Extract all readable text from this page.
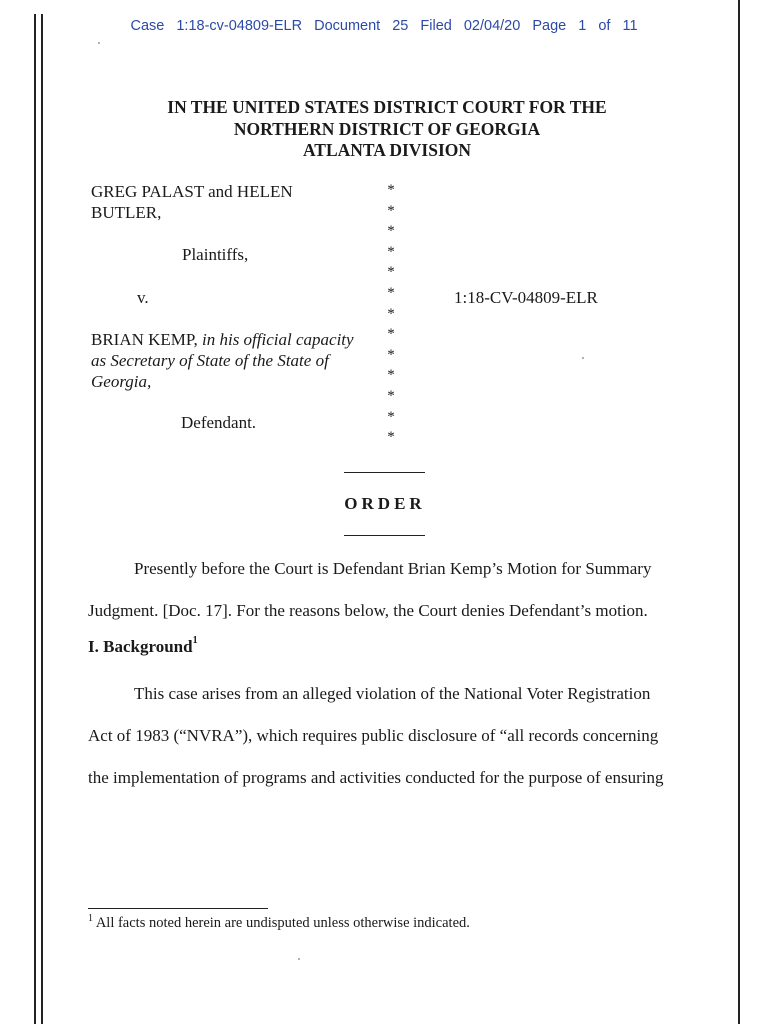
Case 1:18-cv-04809-ELR Document 25 Filed 02/04/20 Page 1 of 11
IN THE UNITED STATES DISTRICT COURT FOR THE
NORTHERN DISTRICT OF GEORGIA
ATLANTA DIVISION
GREG PALAST and HELEN
BUTLER,
Plaintiffs,
v.
BRIAN KEMP, in his official capacity
as Secretary of State of the State of
Georgia,
Defendant.
*
*
*
*
*
*
*
*
*
*
*
*
*
1:18-CV-04809-ELR
ORDER
Presently before the Court is Defendant Brian Kemp’s Motion for Summary
Judgment. [Doc. 17]. For the reasons below, the Court denies Defendant’s motion.
I. Background$^1$
This case arises from an alleged violation of the National Voter Registration
Act of 1983 (“NVRA”), which requires public disclosure of “all records concerning
the implementation of programs and activities conducted for the purpose of ensuring
$^1$ All facts noted herein are undisputed unless otherwise indicated.
